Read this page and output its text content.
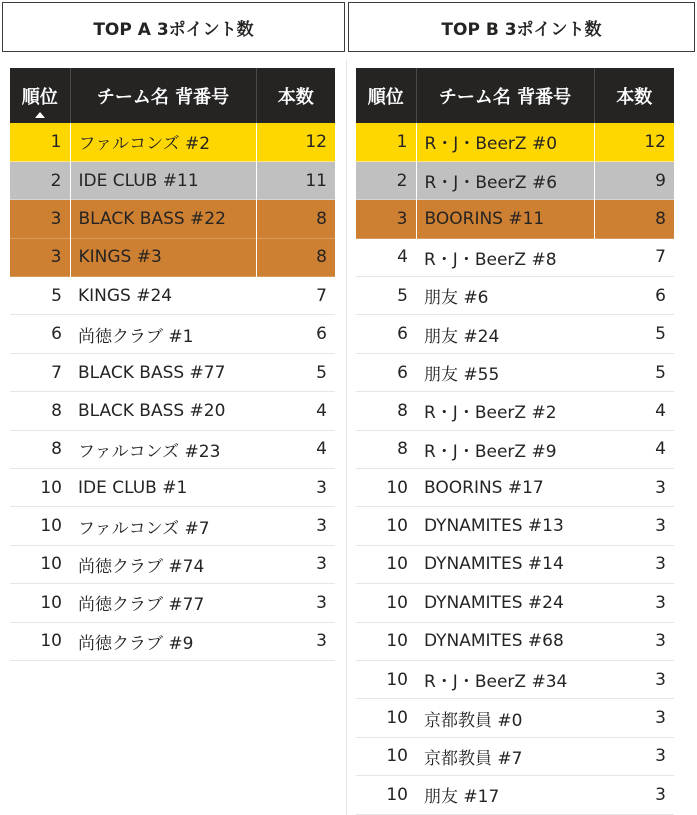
TOP A 3ポイント数	TOP B 3ポイント数
順位	チーム名 背番号	本数
1	ファルコンズ #2	12
2	IDE CLUB #11	11
3	BLACK BASS #22	8
3	KINGS #3	8
5	KINGS #24	7
6	尚徳クラブ #1	6
7	BLACK BASS #77	5
8	BLACK BASS #20	4
8	ファルコンズ #23	4
10	IDE CLUB #1	3
10	ファルコンズ #7	3
10	尚徳クラブ #74	3
10	尚徳クラブ #77	3
10	尚徳クラブ #9	3
順位	チーム名 背番号	本数
1	R・J・BeerZ #0	12
2	R・J・BeerZ #6	9
3	BOORINS #11	8
4	R・J・BeerZ #8	7
5	朋友 #6	6
6	朋友 #24	5
6	朋友 #55	5
8	R・J・BeerZ #2	4
8	R・J・BeerZ #9	4
10	BOORINS #17	3
10	DYNAMITES #13	3
10	DYNAMITES #14	3
10	DYNAMITES #24	3
10	DYNAMITES #68	3
10	R・J・BeerZ #34	3
10	京都教員 #0	3
10	京都教員 #7	3
10	朋友 #17	3
